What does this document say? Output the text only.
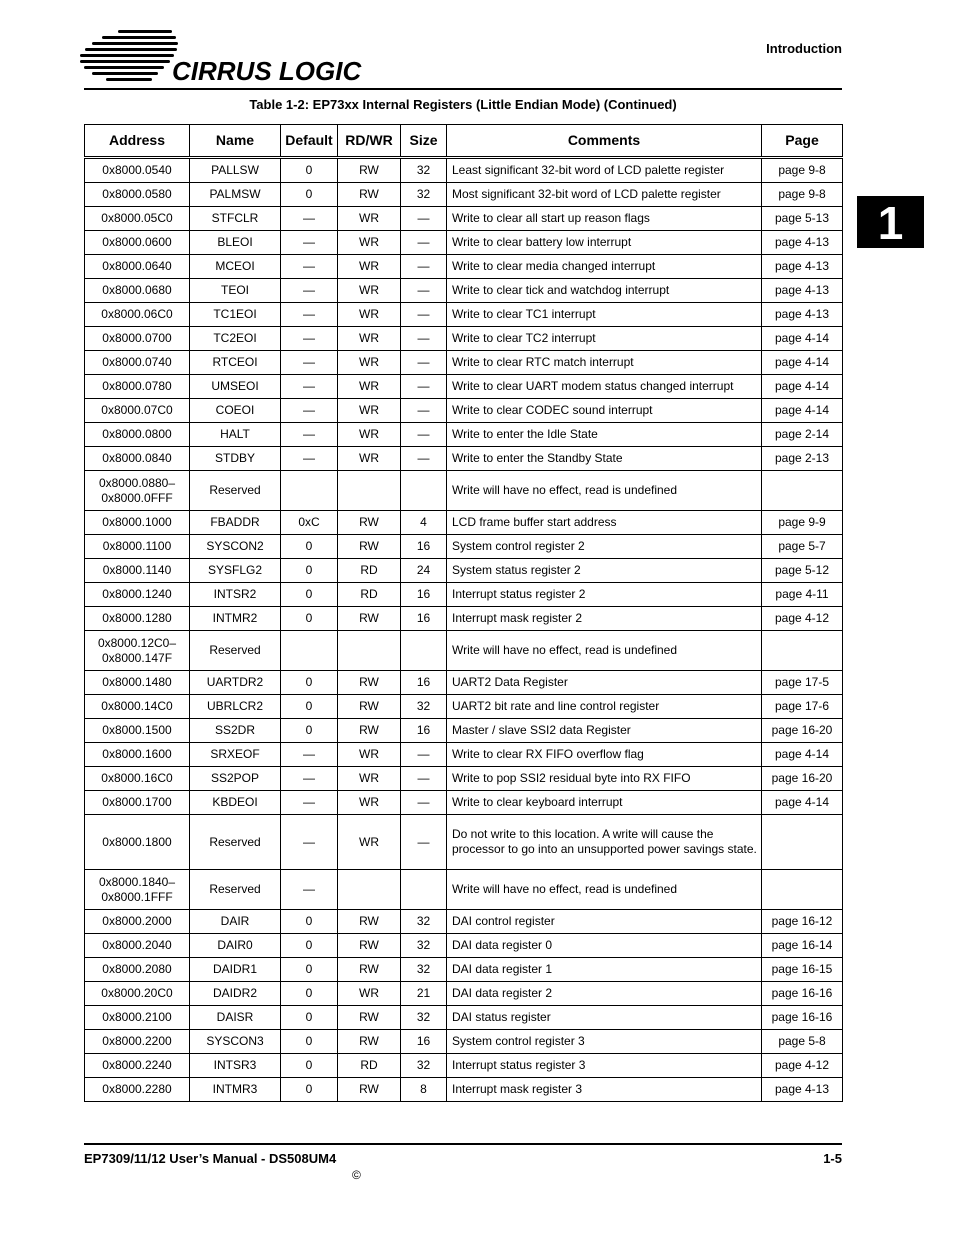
CIRRUS LOGIC
Introduction
Table 1-2: EP73xx Internal Registers (Little Endian Mode) (Continued)
1
Address	Name	Default	RD/WR	Size	Comments	Page
0x8000.0540	PALLSW	0	RW	32	Least significant 32-bit word of LCD palette register	page 9-8
0x8000.0580	PALMSW	0	RW	32	Most significant 32-bit word of LCD palette register	page 9-8
0x8000.05C0	STFCLR	—	WR	—	Write to clear all start up reason flags	page 5-13
0x8000.0600	BLEOI	—	WR	—	Write to clear battery low interrupt	page 4-13
0x8000.0640	MCEOI	—	WR	—	Write to clear media changed interrupt	page 4-13
0x8000.0680	TEOI	—	WR	—	Write to clear tick and watchdog interrupt	page 4-13
0x8000.06C0	TC1EOI	—	WR	—	Write to clear TC1 interrupt	page 4-13
0x8000.0700	TC2EOI	—	WR	—	Write to clear TC2 interrupt	page 4-14
0x8000.0740	RTCEOI	—	WR	—	Write to clear RTC match interrupt	page 4-14
0x8000.0780	UMSEOI	—	WR	—	Write to clear UART modem status changed interrupt	page 4-14
0x8000.07C0	COEOI	—	WR	—	Write to clear CODEC sound interrupt	page 4-14
0x8000.0800	HALT	—	WR	—	Write to enter the Idle State	page 2-14
0x8000.0840	STDBY	—	WR	—	Write to enter the Standby State	page 2-13
0x8000.0880–
0x8000.0FFF	Reserved				Write will have no effect, read is undefined	
0x8000.1000	FBADDR	0xC	RW	4	LCD frame buffer start address	page 9-9
0x8000.1100	SYSCON2	0	RW	16	System control register 2	page 5-7
0x8000.1140	SYSFLG2	0	RD	24	System status register 2	page 5-12
0x8000.1240	INTSR2	0	RD	16	Interrupt status register 2	page 4-11
0x8000.1280	INTMR2	0	RW	16	Interrupt mask register 2	page 4-12
0x8000.12C0–
0x8000.147F	Reserved				Write will have no effect, read is undefined	
0x8000.1480	UARTDR2	0	RW	16	UART2 Data Register	page 17-5
0x8000.14C0	UBRLCR2	0	RW	32	UART2 bit rate and line control register	page 17-6
0x8000.1500	SS2DR	0	RW	16	Master / slave SSI2 data Register	page 16-20
0x8000.1600	SRXEOF	—	WR	—	Write to clear RX FIFO overflow flag	page 4-14
0x8000.16C0	SS2POP	—	WR	—	Write to pop SSI2 residual byte into RX FIFO	page 16-20
0x8000.1700	KBDEOI	—	WR	—	Write to clear keyboard interrupt	page 4-14
0x8000.1800	Reserved	—	WR	—	Do not write to this location. A write will cause the processor to go into an unsupported power savings state.	
0x8000.1840–
0x8000.1FFF	Reserved	—			Write will have no effect, read is undefined	
0x8000.2000	DAIR	0	RW	32	DAI control register	page 16-12
0x8000.2040	DAIR0	0	RW	32	DAI data register 0	page 16-14
0x8000.2080	DAIDR1	0	RW	32	DAI data register 1	page 16-15
0x8000.20C0	DAIDR2	0	WR	21	DAI data register 2	page 16-16
0x8000.2100	DAISR	0	RW	32	DAI status register	page 16-16
0x8000.2200	SYSCON3	0	RW	16	System control register 3	page 5-8
0x8000.2240	INTSR3	0	RD	32	Interrupt status register 3	page 4-12
0x8000.2280	INTMR3	0	RW	8	Interrupt mask register 3	page 4-13
EP7309/11/12 User’s Manual - DS508UM4	1-5
©
